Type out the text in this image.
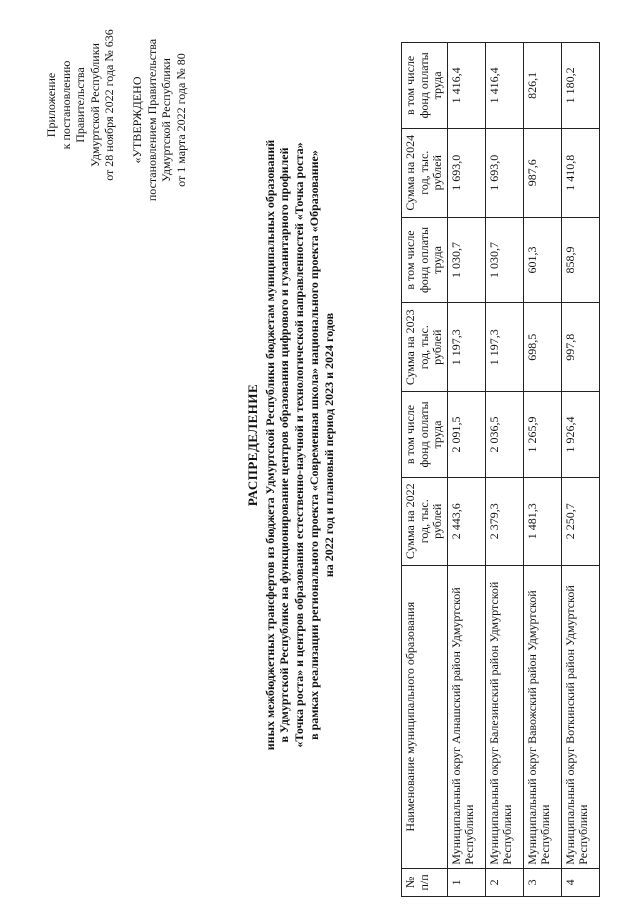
Приложение к постановлению Правительства Удмуртской Республики от 28 ноября 2022 года № 636 «УТВЕРЖДЕНО постановлением Правительства Удмуртской Республики от 1 марта 2022 года № 80
РАСПРЕДЕЛЕНИЕ иных межбюджетных трансфертов из бюджета Удмуртской Республики бюджетам муниципальных образований в Удмуртской Республике на функционирование центров образования цифрового и гуманитарного профилей «Точка роста» и центров образования естественно-научной и технологической направленностей «Точка роста» в рамках реализации регионального проекта «Современная школа» национального проекта «Образование» на 2022 год и плановый период 2023 и 2024 годов
№ п/п	Наименование муниципального образования	Сумма на 2022 год, тыс. рублей	в том числе фонд оплаты труда	Сумма на 2023 год, тыс. рублей	в том числе фонд оплаты труда	Сумма на 2024 год, тыс. рублей	в том числе фонд оплаты труда
1	Муниципальный округ Алнашский район Удмуртской Республики	2 443,6	2 091,5	1 197,3	1 030,7	1 693,0	1 416,4
2	Муниципальный округ Балезинский район Удмуртской Республики	2 379,3	2 036,5	1 197,3	1 030,7	1 693,0	1 416,4
3	Муниципальный округ Вавожский район Удмуртской Республики	1 481,3	1 265,9	698,5	601,3	987,6	826,1
4	Муниципальный округ Воткинский район Удмуртской Республики	2 250,7	1 926,4	997,8	858,9	1 410,8	1 180,2
